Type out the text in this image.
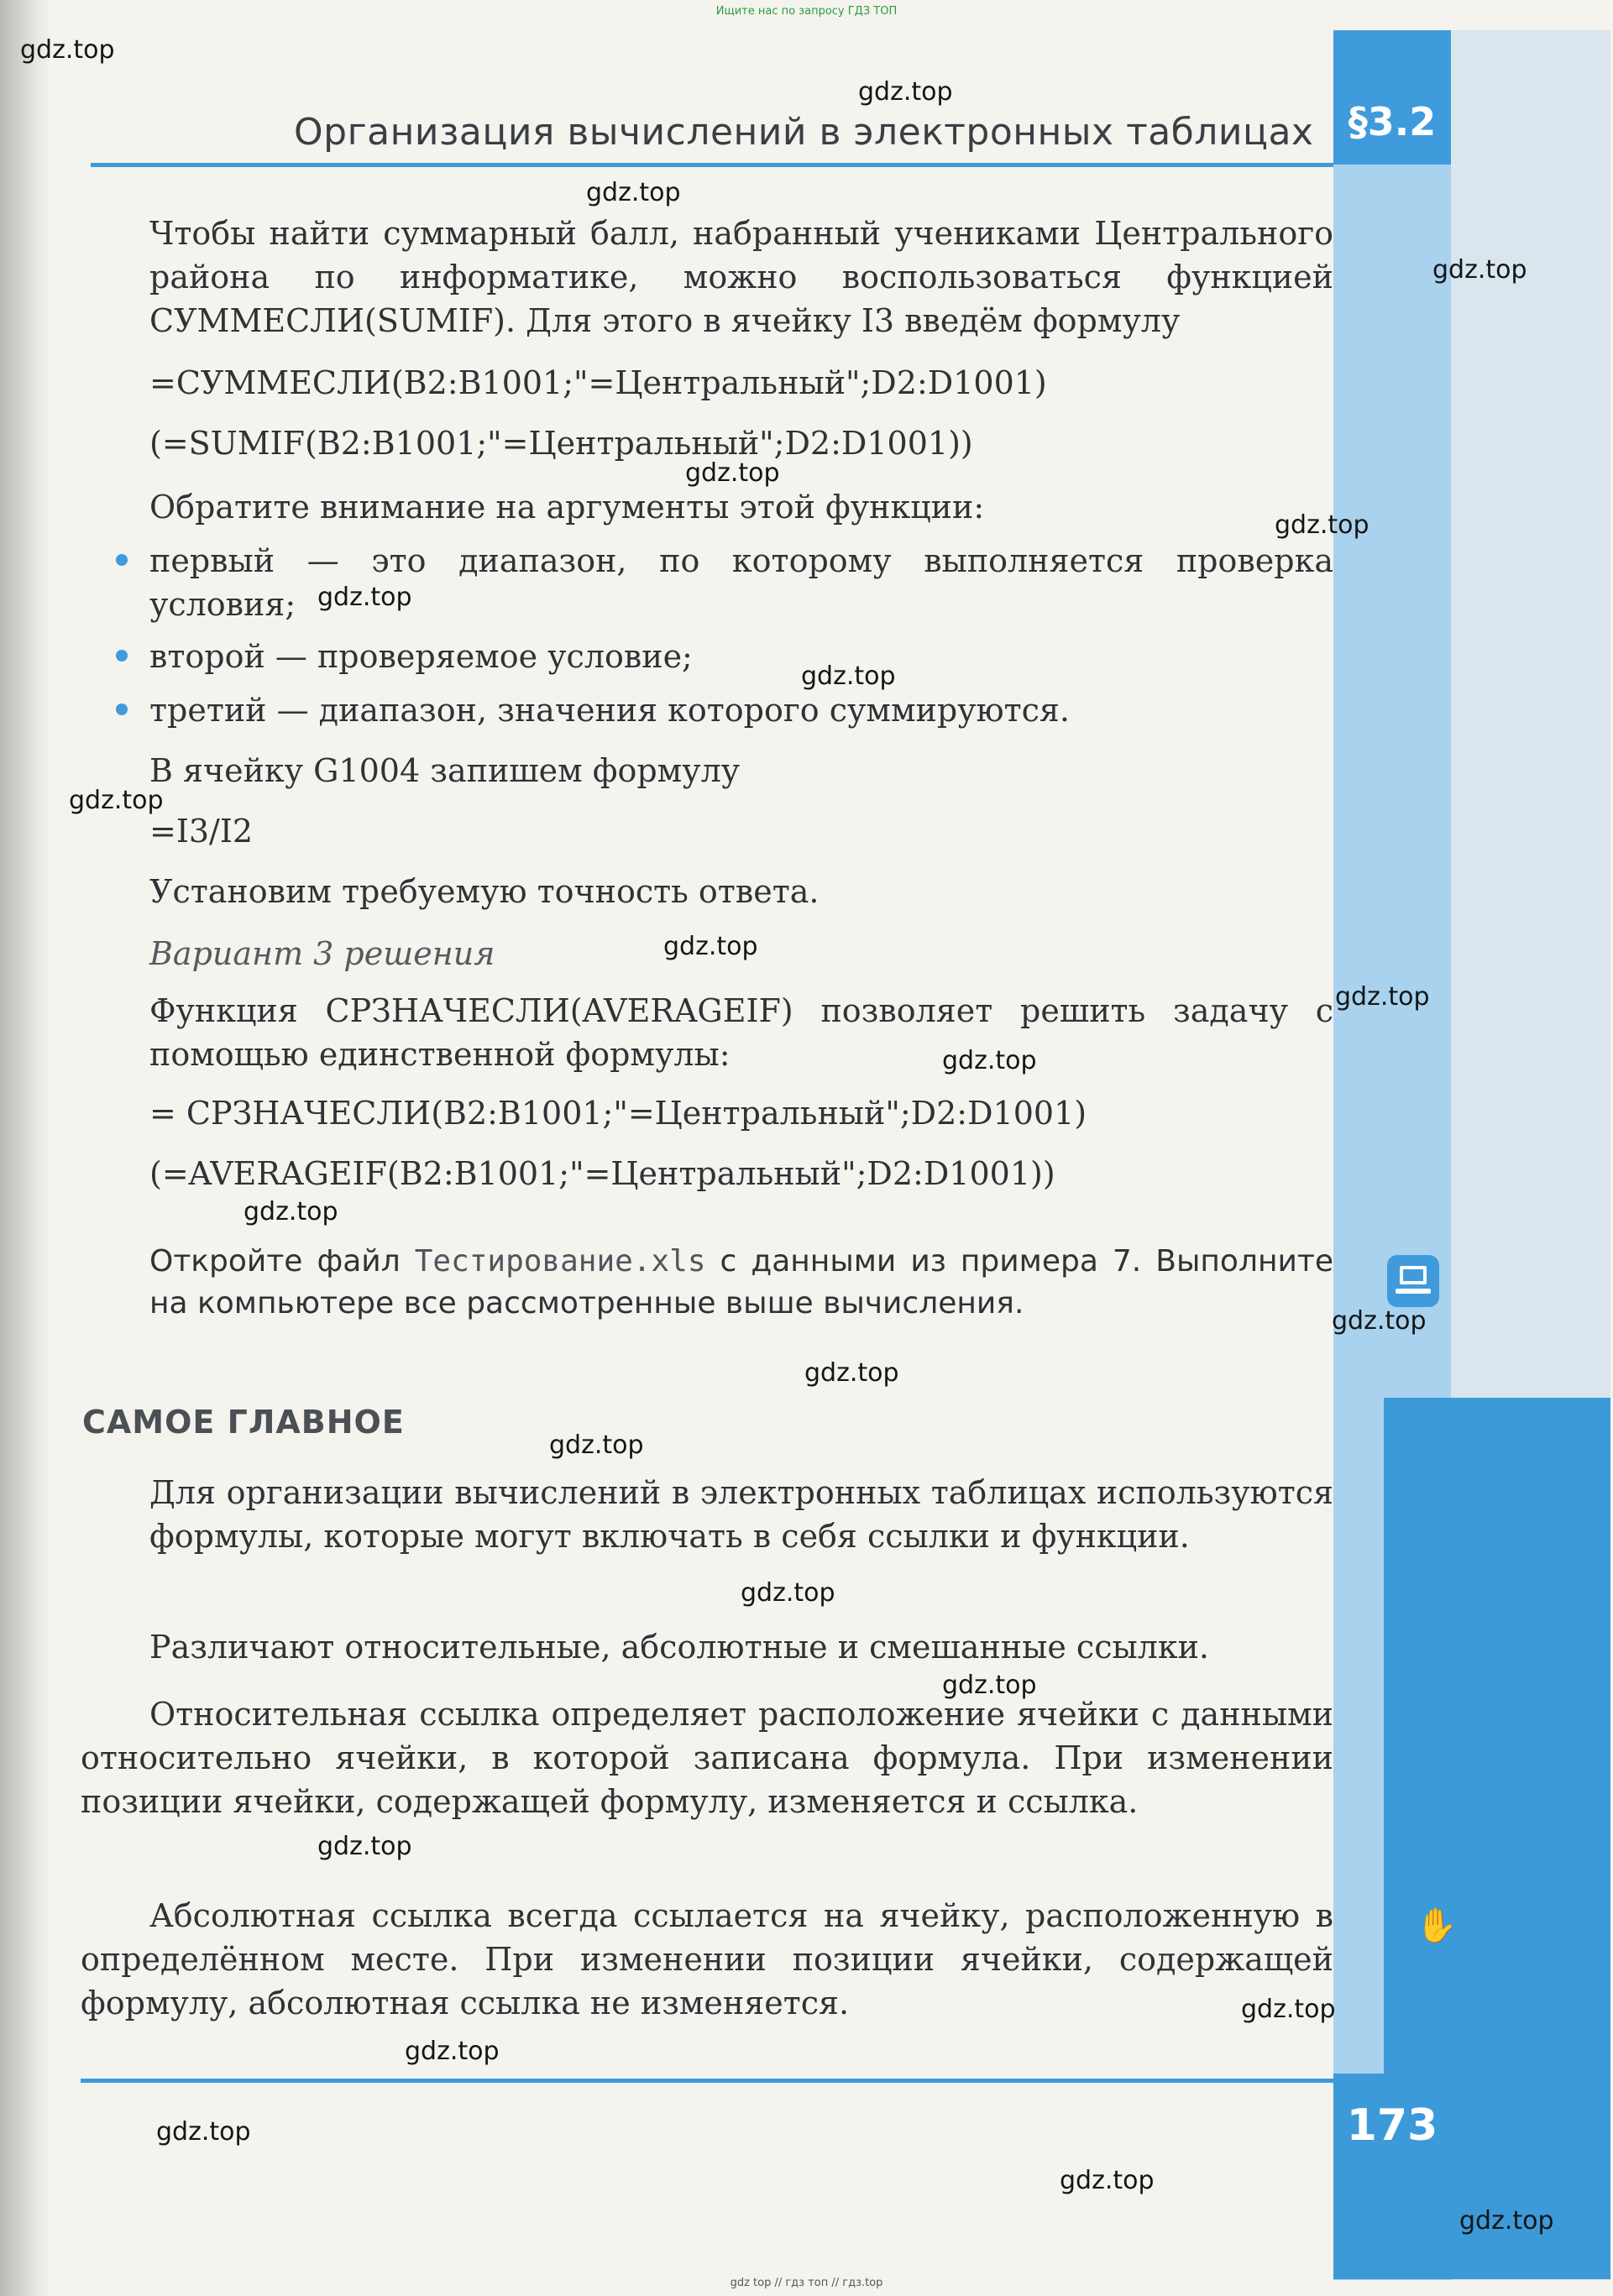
Ищите нас по запросу ГДЗ ТОП
§3.2
173
✋
Организация вычислений в электронных таблицах

Чтобы найти суммарный балл, набранный учениками Центрального района по информатике, можно воспользоваться функцией СУММЕСЛИ(SUMIF). Для этого в ячейку I3 введём формулу

=СУММЕСЛИ(B2:B1001;"=Центральный";D2:D1001)
(=SUMIF(B2:B1001;"=Центральный";D2:D1001))

Обратите внимание на аргументы этой функции:

первый — это диапазон, по которому выполняется проверка условия;
второй — проверяемое условие;
третий — диапазон, значения которого суммируются.

В ячейку G1004 запишем формулу

=I3/I2

Установим требуемую точность ответа.

Вариант 3 решения

Функция СРЗНАЧЕСЛИ(AVERAGEIF) позволяет решить задачу с помощью единственной формулы:

= СРЗНАЧЕСЛИ(B2:B1001;"=Центральный";D2:D1001)
(=AVERAGEIF(B2:B1001;"=Центральный";D2:D1001))

Откройте файл Тестирование.xls с данными из примера 7. Выполните на компьютере все рассмотренные выше вычисления.

САМОЕ ГЛАВНОЕ

Для организации вычислений в электронных таблицах используются формулы, которые могут включать в себя ссылки и функции.

Различают относительные, абсолютные и смешанные ссылки.

Относительная ссылка определяет расположение ячейки с данными относительно ячейки, в которой записана формула. При изменении позиции ячейки, содержащей формулу, изменяется и ссылка.

Абсолютная ссылка всегда ссылается на ячейку, расположенную в определённом месте. При изменении позиции ячейки, содержащей формулу, абсолютная ссылка не изменяется.

gdz top // гдз топ // гдз.top
gdz.top
gdz.top
gdz.top
gdz.top
gdz.top
gdz.top
gdz.top
gdz.top
gdz.top
gdz.top
gdz.top
gdz.top
gdz.top
gdz.top
gdz.top
gdz.top
gdz.top
gdz.top
gdz.top
gdz.top
gdz.top
gdz.top
gdz.top
gdz.top
